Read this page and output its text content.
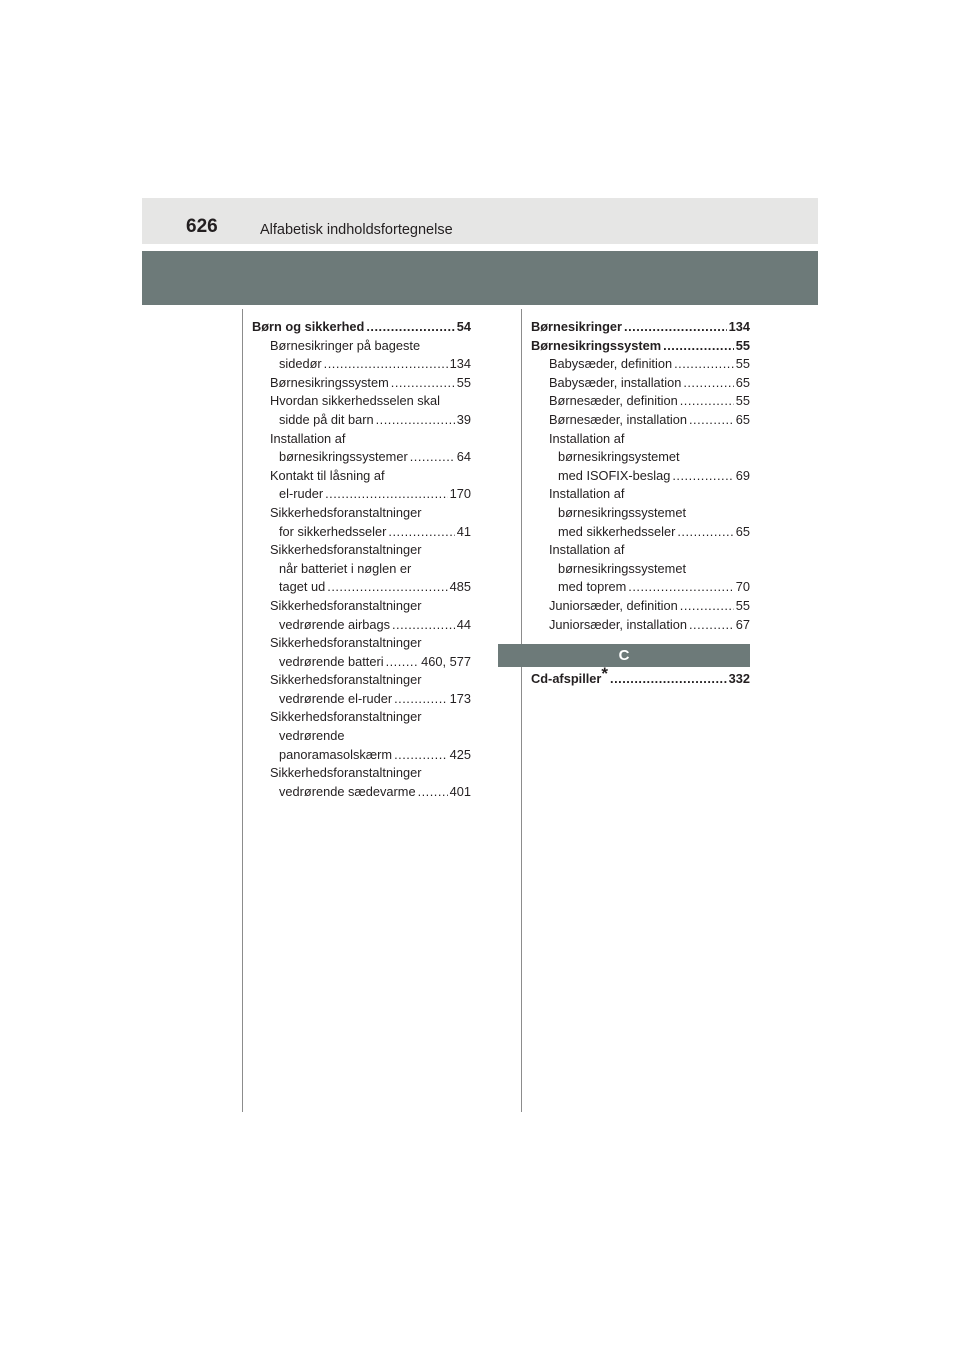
626	Alfabetisk indholdsfortegnelse
Børn og sikkerhed .....	54
Børnesikringer på bageste
sidedør .....	134
Børnesikringssystem .....	55
Hvordan sikkerhedsselen skal
sidde på dit barn .....	39
Installation af
børnesikringssystemer .....	64
Kontakt til låsning af
el-ruder .....	170
Sikkerhedsforanstaltninger
for sikkerhedsseler .....	41
Sikkerhedsforanstaltninger
når batteriet i nøglen er
taget ud .....	485
Sikkerhedsforanstaltninger
vedrørende airbags .....	44
Sikkerhedsforanstaltninger
vedrørende batteri .....	460, 577
Sikkerhedsforanstaltninger
vedrørende el-ruder .....	173
Sikkerhedsforanstaltninger
vedrørende
panoramasolskærm .....	425
Sikkerhedsforanstaltninger
vedrørende sædevarme .....	401
Børnesikringer .....	134
Børnesikringssystem .....	55
Babysæder, definition .....	55
Babysæder, installation .....	65
Børnesæder, definition .....	55
Børnesæder, installation .....	65
Installation af
børnesikringsystemet
med ISOFIX-beslag .....	69
Installation af
børnesikringssystemet
med sikkerhedsseler .....	65
Installation af
børnesikringssystemet
med toprem .....	70
Juniorsæder, definition .....	55
Juniorsæder, installation .....	67
C
Cd-afspiller* .....	332
